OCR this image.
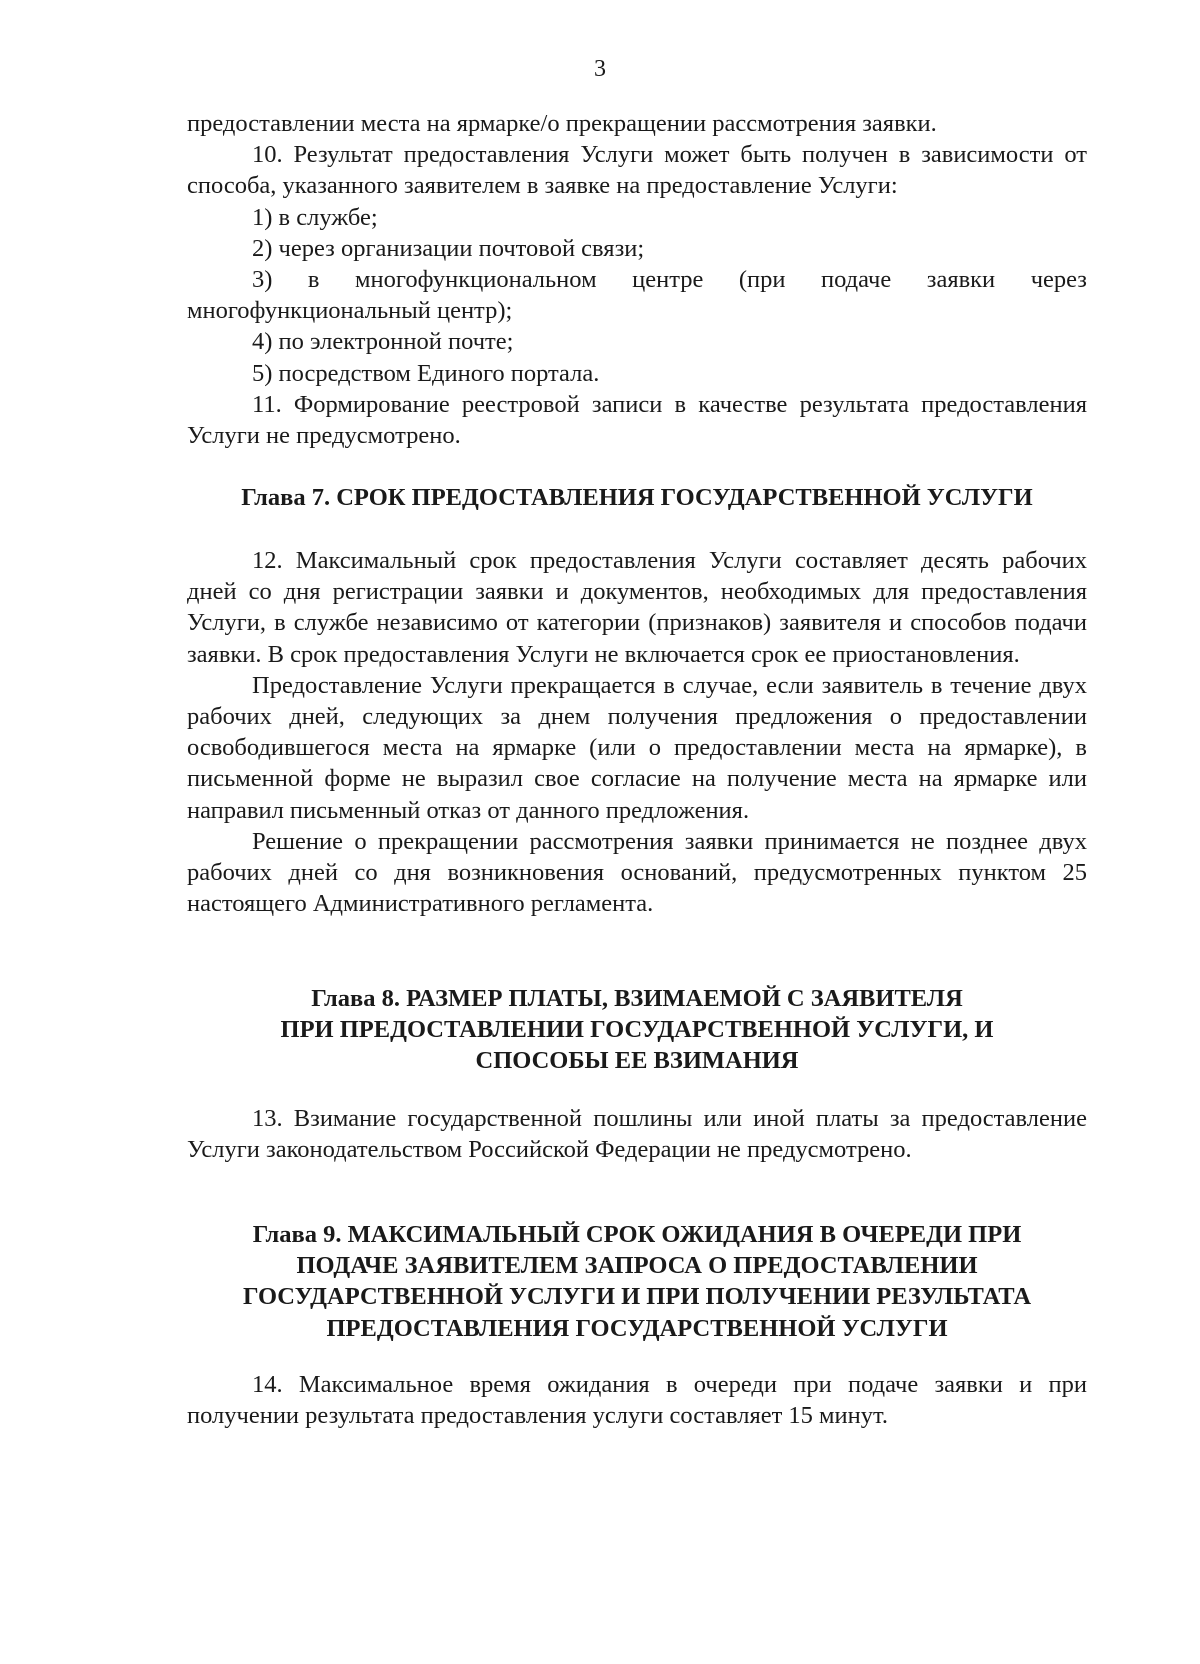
3

предоставлении места на ярмарке/о прекращении рассмотрения заявки.

10. Результат предоставления Услуги может быть получен в зависимости от способа, указанного заявителем в заявке на предоставление Услуги:

1) в службе;

2) через организации почтовой связи;

3) в многофункциональном центре (при подаче заявки через многофункциональный центр);

4) по электронной почте;

5) посредством Единого портала.

11. Формирование реестровой записи в качестве результата предоставления Услуги не предусмотрено.

Глава 7. СРОК ПРЕДОСТАВЛЕНИЯ ГОСУДАРСТВЕННОЙ УСЛУГИ

12. Максимальный срок предоставления Услуги составляет десять рабочих дней со дня регистрации заявки и документов, необходимых для предоставления Услуги, в службе независимо от категории (признаков) заявителя и способов подачи заявки. В срок предоставления Услуги не включается срок ее приостановления.

Предоставление Услуги прекращается в случае, если заявитель в течение двух рабочих дней, следующих за днем получения предложения о предоставлении освободившегося места на ярмарке (или о предоставлении места на ярмарке), в письменной форме не выразил свое согласие на получение места на ярмарке или направил письменный отказ от данного предложения.

Решение о прекращении рассмотрения заявки принимается не позднее двух рабочих дней со дня возникновения оснований, предусмотренных пунктом 25 настоящего Административного регламента.

Глава 8. РАЗМЕР ПЛАТЫ, ВЗИМАЕМОЙ С ЗАЯВИТЕЛЯ
ПРИ ПРЕДОСТАВЛЕНИИ ГОСУДАРСТВЕННОЙ УСЛУГИ, И
СПОСОБЫ ЕЕ ВЗИМАНИЯ

13. Взимание государственной пошлины или иной платы за предоставление Услуги законодательством Российской Федерации не предусмотрено.

Глава 9. МАКСИМАЛЬНЫЙ СРОК ОЖИДАНИЯ В ОЧЕРЕДИ ПРИ
ПОДАЧЕ ЗАЯВИТЕЛЕМ ЗАПРОСА О ПРЕДОСТАВЛЕНИИ
ГОСУДАРСТВЕННОЙ УСЛУГИ И ПРИ ПОЛУЧЕНИИ РЕЗУЛЬТАТА
ПРЕДОСТАВЛЕНИЯ ГОСУДАРСТВЕННОЙ УСЛУГИ

14. Максимальное время ожидания в очереди при подаче заявки и при получении результата предоставления услуги составляет 15 минут.
